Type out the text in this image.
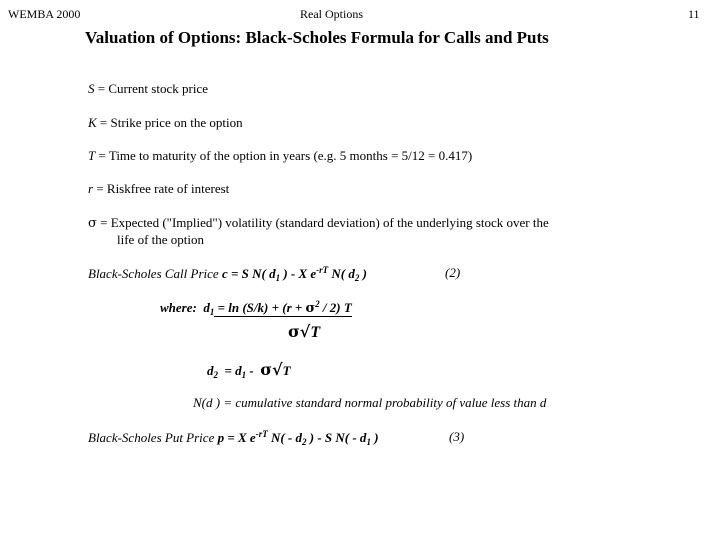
WEMBA 2000	Real Options	11
Valuation of Options: Black-Scholes Formula for Calls and Puts
S = Current stock price
K = Strike price on the option
T = Time to maturity of the option in years (e.g. 5 months = 5/12 = 0.417)
r = Riskfree rate of interest
σ = Expected ("Implied") volatility (standard deviation) of the underlying stock over the
life of the option
Black-Scholes Call Price c = S N( $d_1$ ) - X $e^{-rT}$ N( $d_2$ )	(2)
where: $d_1 = \ln (S/k) + (r + \sigma^2 / 2)$ T
σ√T
$d_2 = d_1 - \sigma√T$
N(d ) = cumulative standard normal probability of value less than d
Black-Scholes Put Price p = X $e^{-rT}$ $N( - d_2$ ) - S $N( - d_1$ )	(3)
